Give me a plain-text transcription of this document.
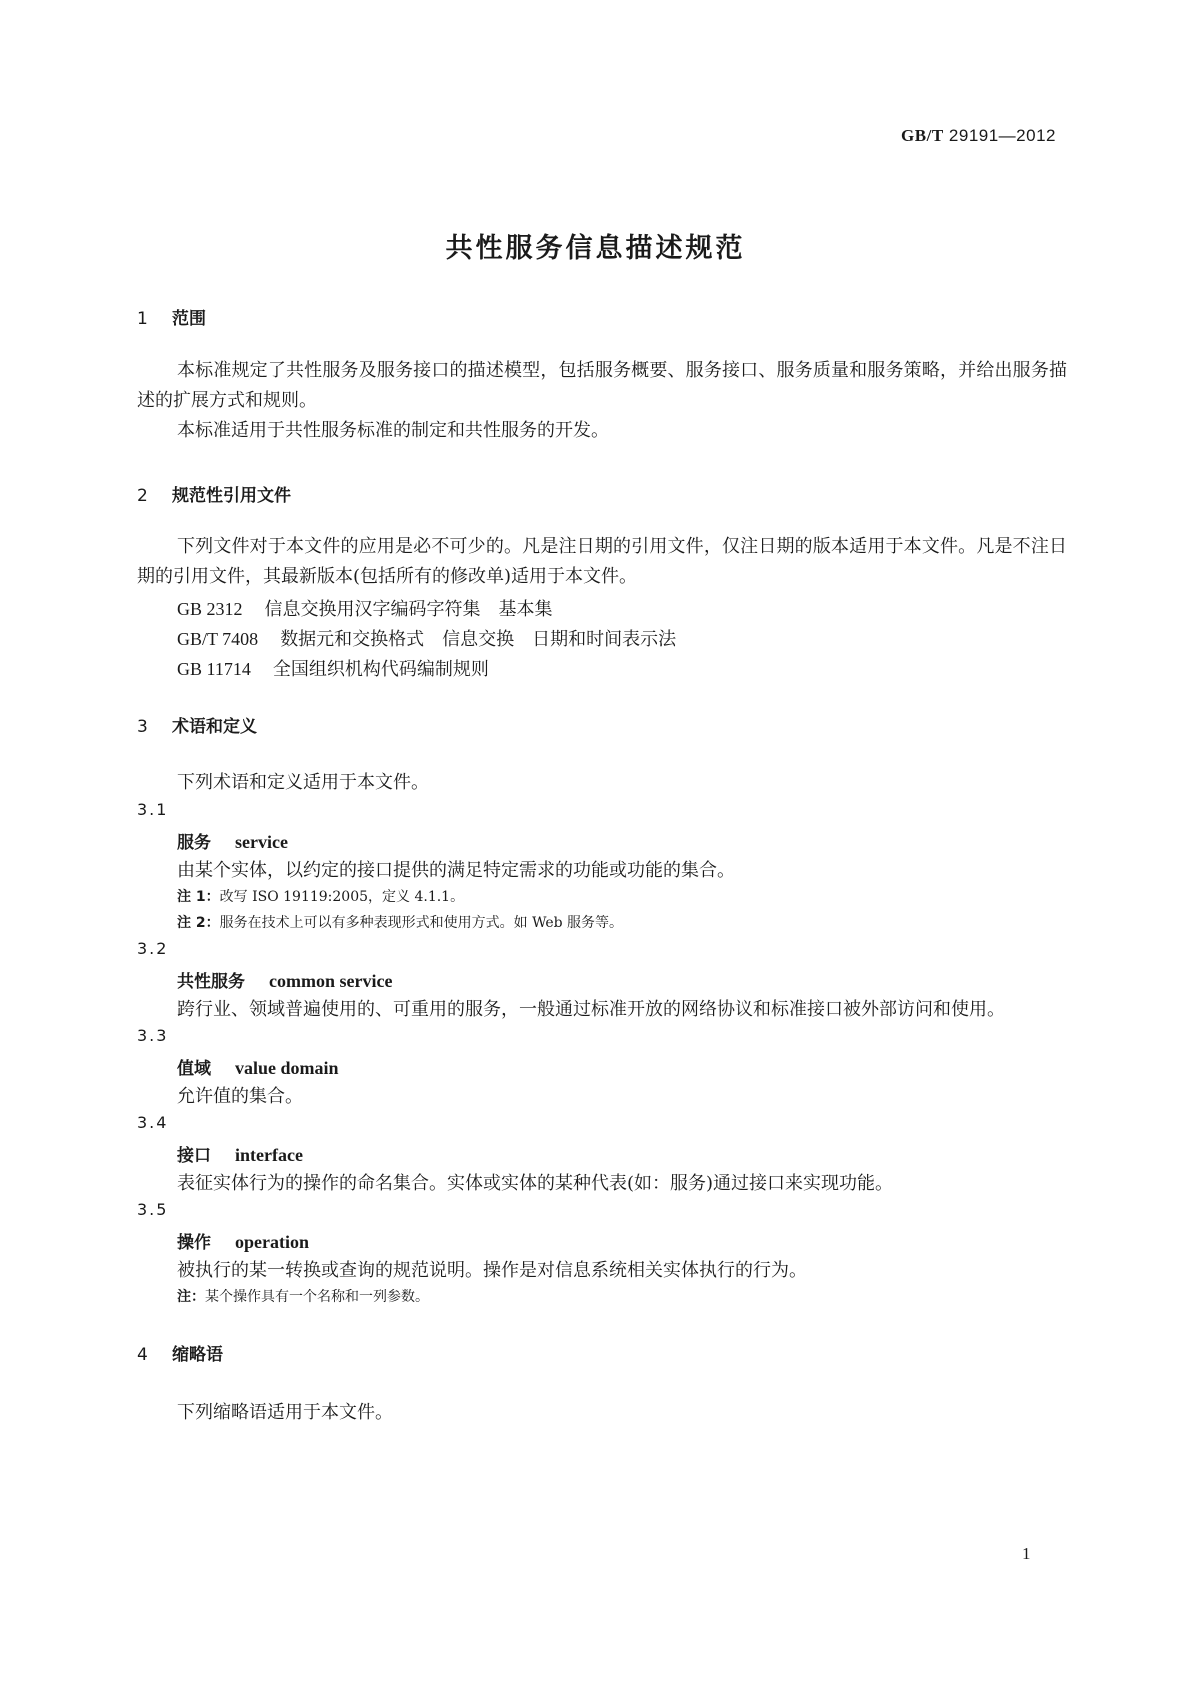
GB/T 29191—2012
共性服务信息描述规范
1 范围
本标准规定了共性服务及服务接口的描述模型，包括服务概要、服务接口、服务质量和服务策略，并给出服务描述的扩展方式和规则。
本标准适用于共性服务标准的制定和共性服务的开发。
2 规范性引用文件
下列文件对于本文件的应用是必不可少的。凡是注日期的引用文件，仅注日期的版本适用于本文件。凡是不注日期的引用文件，其最新版本(包括所有的修改单)适用于本文件。
GB 2312 信息交换用汉字编码字符集　基本集
GB/T 7408 数据元和交换格式　信息交换　日期和时间表示法
GB 11714 全国组织机构代码编制规则
3 术语和定义
下列术语和定义适用于本文件。
3.1
服务 service
由某个实体，以约定的接口提供的满足特定需求的功能或功能的集合。
注 1：改写 ISO 19119:2005，定义 4.1.1。
注 2：服务在技术上可以有多种表现形式和使用方式。如 Web 服务等。
3.2
共性服务 common service
跨行业、领域普遍使用的、可重用的服务，一般通过标准开放的网络协议和标准接口被外部访问和使用。
3.3
值域 value domain
允许值的集合。
3.4
接口 interface
表征实体行为的操作的命名集合。实体或实体的某种代表(如：服务)通过接口来实现功能。
3.5
操作 operation
被执行的某一转换或查询的规范说明。操作是对信息系统相关实体执行的行为。
注：某个操作具有一个名称和一列参数。
4 缩略语
下列缩略语适用于本文件。
1
